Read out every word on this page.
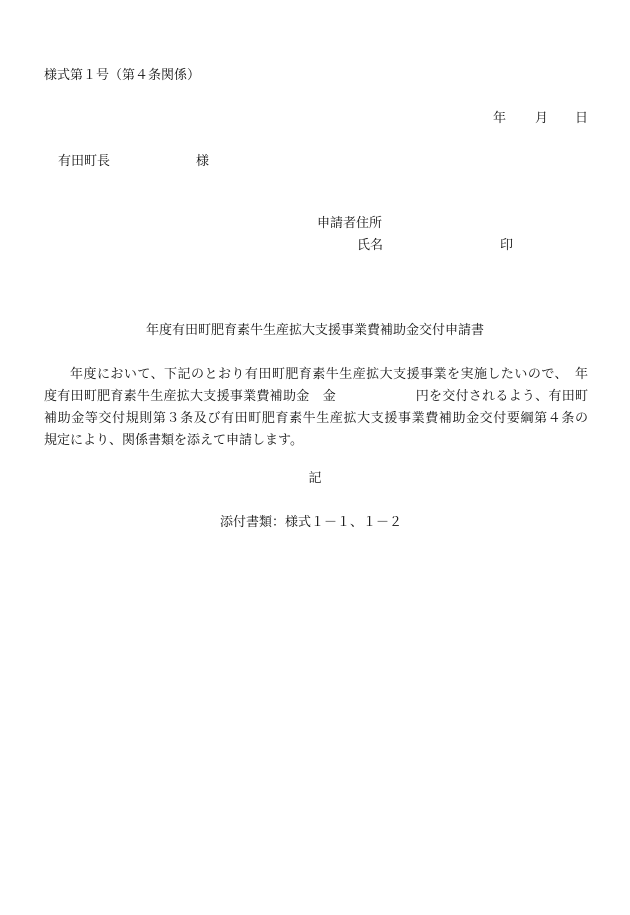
様式第１号（第４条関係）
年 月 日
有田町長	様
申請者住所
氏名	印
年度有田町肥育素牛生産拡大支援事業費補助金交付申請書
年度において、下記のとおり有田町肥育素牛生産拡大支援事業を実施したいので、　年
度有田町肥育素牛生産拡大支援事業費補助金　金　　　　　　円を交付されるよう、有田町
補助金等交付規則第３条及び有田町肥育素牛生産拡大支援事業費補助金交付要綱第４条の
規定により、関係書類を添えて申請します。
記
添付書類：様式１－１、１－２
